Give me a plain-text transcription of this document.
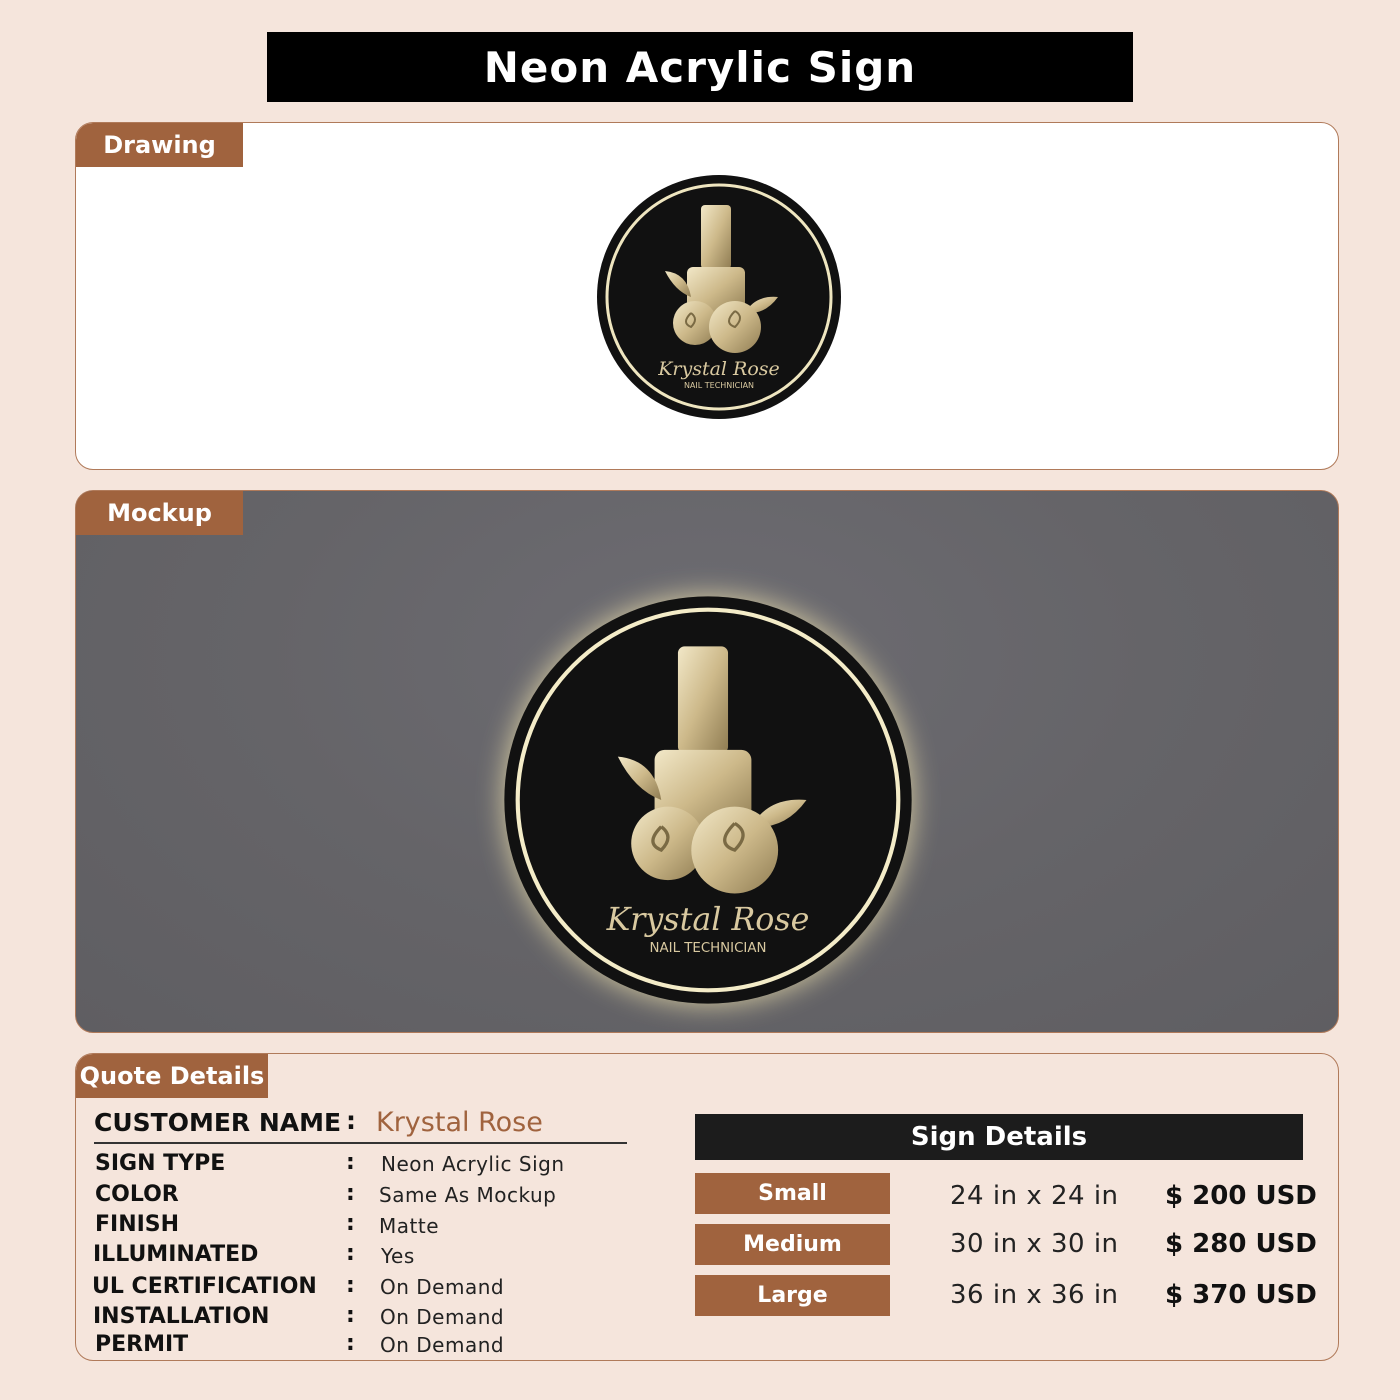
Neon Acrylic Sign
Drawing
Krystal Rose
NAIL TECHNICIAN
Mockup
Krystal Rose
NAIL TECHNICIAN
Quote Details
CUSTOMER NAME : Krystal Rose
SIGN TYPE	: Neon Acrylic Sign
COLOR	: Same As Mockup
FINISH	: Matte
ILLUMINATED	: Yes
UL CERTIFICATION : On Demand
INSTALLATION	: On Demand
PERMIT	: On Demand
Sign Details
Small	24 in x 24 in $ 200 USD
Medium	30 in x 30 in $ 280 USD
Large	36 in x 36 in $ 370 USD
